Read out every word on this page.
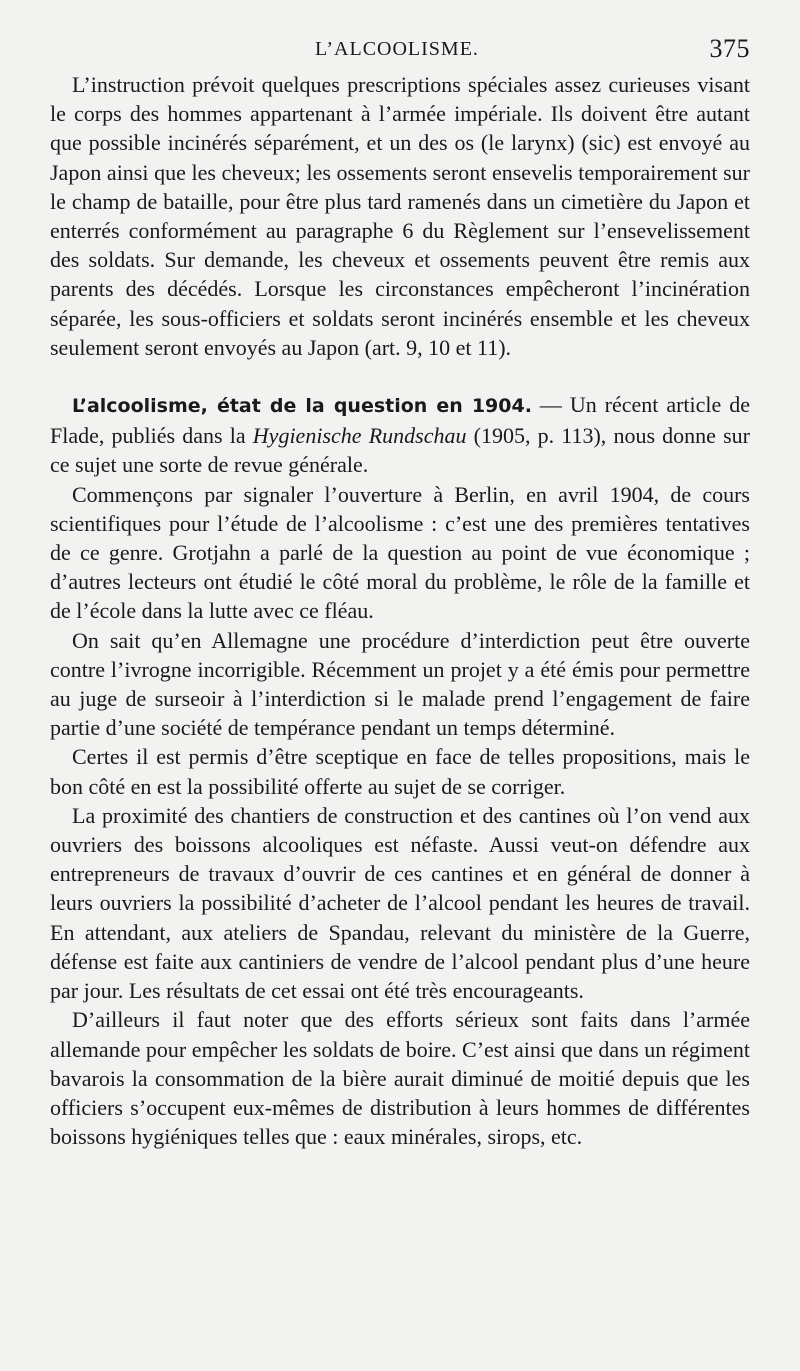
L’ALCOOLISME.	375

L’instruction prévoit quelques prescriptions spéciales assez curieuses visant le corps des hommes appartenant à l’armée impériale. Ils doivent être autant que possible incinérés séparément, et un des os (le larynx) (sic) est envoyé au Japon ainsi que les cheveux; les ossements seront ensevelis temporairement sur le champ de bataille, pour être plus tard ramenés dans un cimetière du Japon et enterrés conformément au paragraphe 6 du Règlement sur l’ensevelissement des soldats. Sur demande, les cheveux et ossements peuvent être remis aux parents des décédés. Lorsque les circonstances empêcheront l’incinération séparée, les sous-officiers et soldats seront incinérés ensemble et les cheveux seulement seront envoyés au Japon (art. 9, 10 et 11).

L’alcoolisme, état de la question en 1904. — Un récent article de Flade, publiés dans la Hygienische Rundschau (1905, p. 113), nous donne sur ce sujet une sorte de revue générale.

Commençons par signaler l’ouverture à Berlin, en avril 1904, de cours scientifiques pour l’étude de l’alcoolisme : c’est une des premières tentatives de ce genre. Grotjahn a parlé de la question au point de vue économique ; d’autres lecteurs ont étudié le côté moral du problème, le rôle de la famille et de l’école dans la lutte avec ce fléau.

On sait qu’en Allemagne une procédure d’interdiction peut être ouverte contre l’ivrogne incorrigible. Récemment un projet y a été émis pour permettre au juge de surseoir à l’interdiction si le malade prend l’engagement de faire partie d’une société de tempérance pendant un temps déterminé.

Certes il est permis d’être sceptique en face de telles propositions, mais le bon côté en est la possibilité offerte au sujet de se corriger.

La proximité des chantiers de construction et des cantines où l’on vend aux ouvriers des boissons alcooliques est néfaste. Aussi veut-on défendre aux entrepreneurs de travaux d’ouvrir de ces cantines et en général de donner à leurs ouvriers la possibilité d’acheter de l’alcool pendant les heures de travail. En attendant, aux ateliers de Spandau, relevant du ministère de la Guerre, défense est faite aux cantiniers de vendre de l’alcool pendant plus d’une heure par jour. Les résultats de cet essai ont été très encourageants.

D’ailleurs il faut noter que des efforts sérieux sont faits dans l’armée allemande pour empêcher les soldats de boire. C’est ainsi que dans un régiment bavarois la consommation de la bière aurait diminué de moitié depuis que les officiers s’occupent eux-mêmes de distribution à leurs hommes de différentes boissons hygiéniques telles que : eaux minérales, sirops, etc.
